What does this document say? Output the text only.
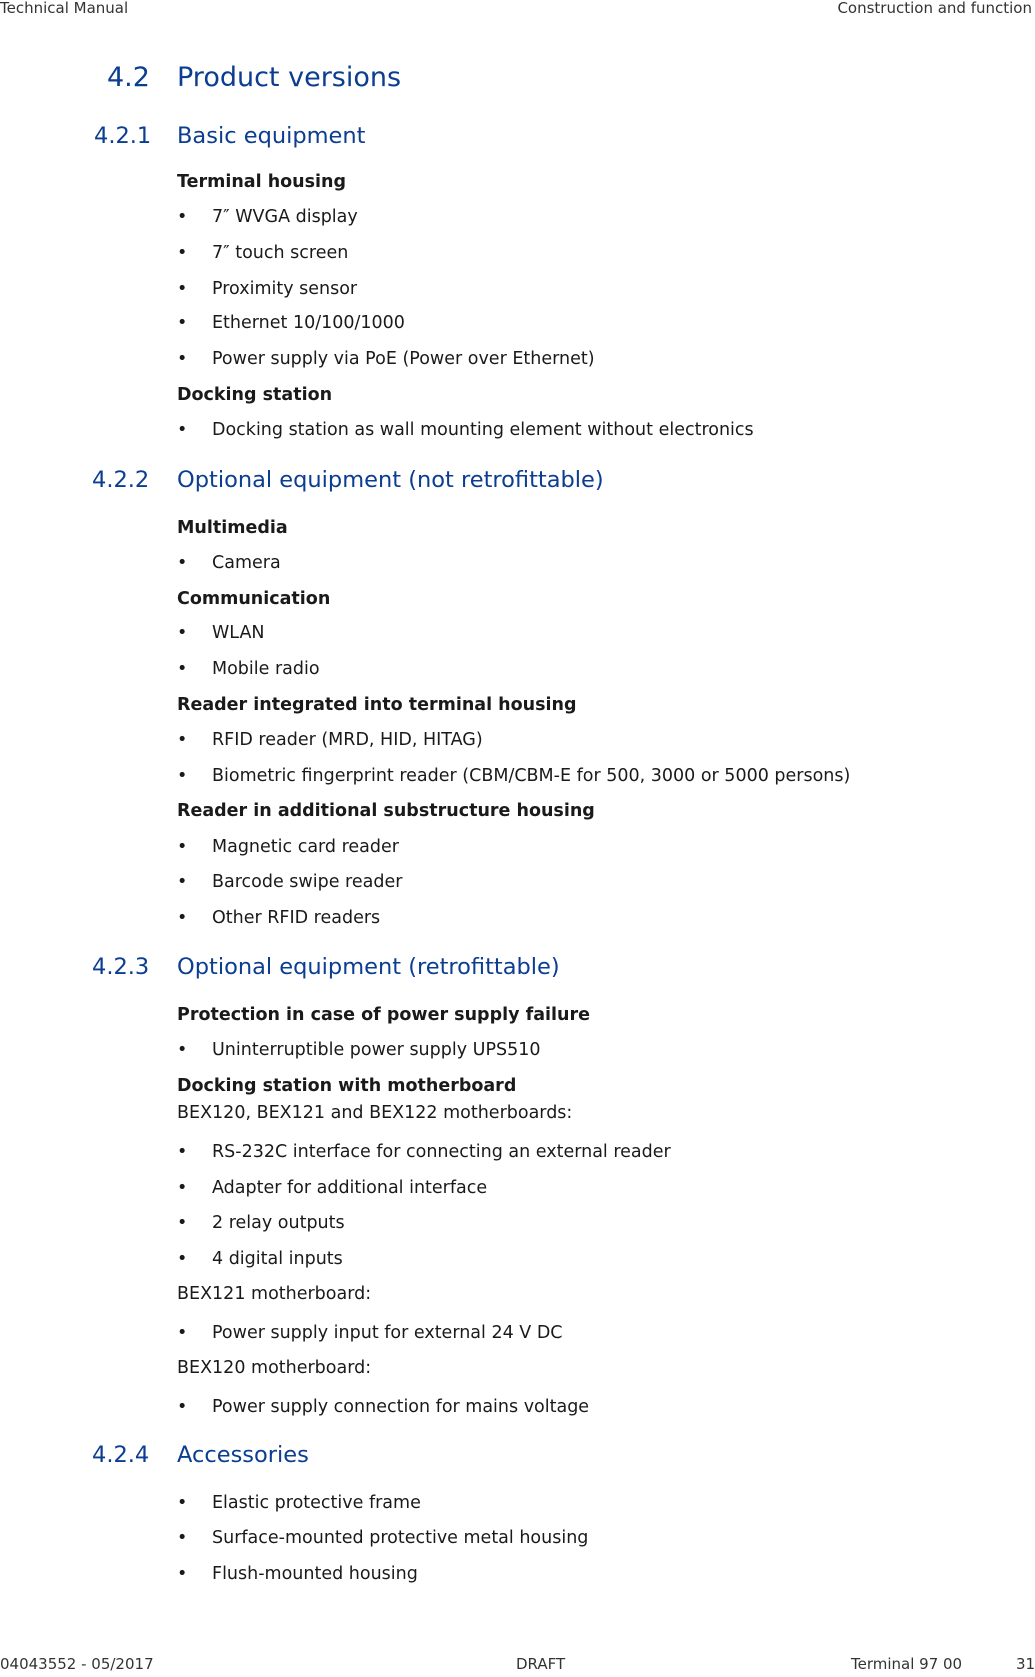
Technical Manual	Construction and function
04043552 - 05/2017	DRAFT	Terminal 97 00	31
4.2 Product versions
4.2.1 Basic equipment
Terminal housing
• 7″ WVGA display
• 7″ touch screen
• Proximity sensor
• Ethernet 10/100/1000
• Power supply via PoE (Power over Ethernet)
Docking station
• Docking station as wall mounting element without electronics
4.2.2 Optional equipment (not retrofittable)
Multimedia
• Camera
Communication
• WLAN
• Mobile radio
Reader integrated into terminal housing
• RFID reader (MRD, HID, HITAG)
• Biometric fingerprint reader (CBM/CBM-E for 500, 3000 or 5000 persons)
Reader in additional substructure housing
• Magnetic card reader
• Barcode swipe reader
• Other RFID readers
4.2.3 Optional equipment (retrofittable)
Protection in case of power supply failure
• Uninterruptible power supply UPS510
Docking station with motherboard
BEX120, BEX121 and BEX122 motherboards:
• RS-232C interface for connecting an external reader
• Adapter for additional interface
• 2 relay outputs
• 4 digital inputs
BEX121 motherboard:
• Power supply input for external 24 V DC
BEX120 motherboard:
• Power supply connection for mains voltage
4.2.4 Accessories
• Elastic protective frame
• Surface-mounted protective metal housing
• Flush-mounted housing
